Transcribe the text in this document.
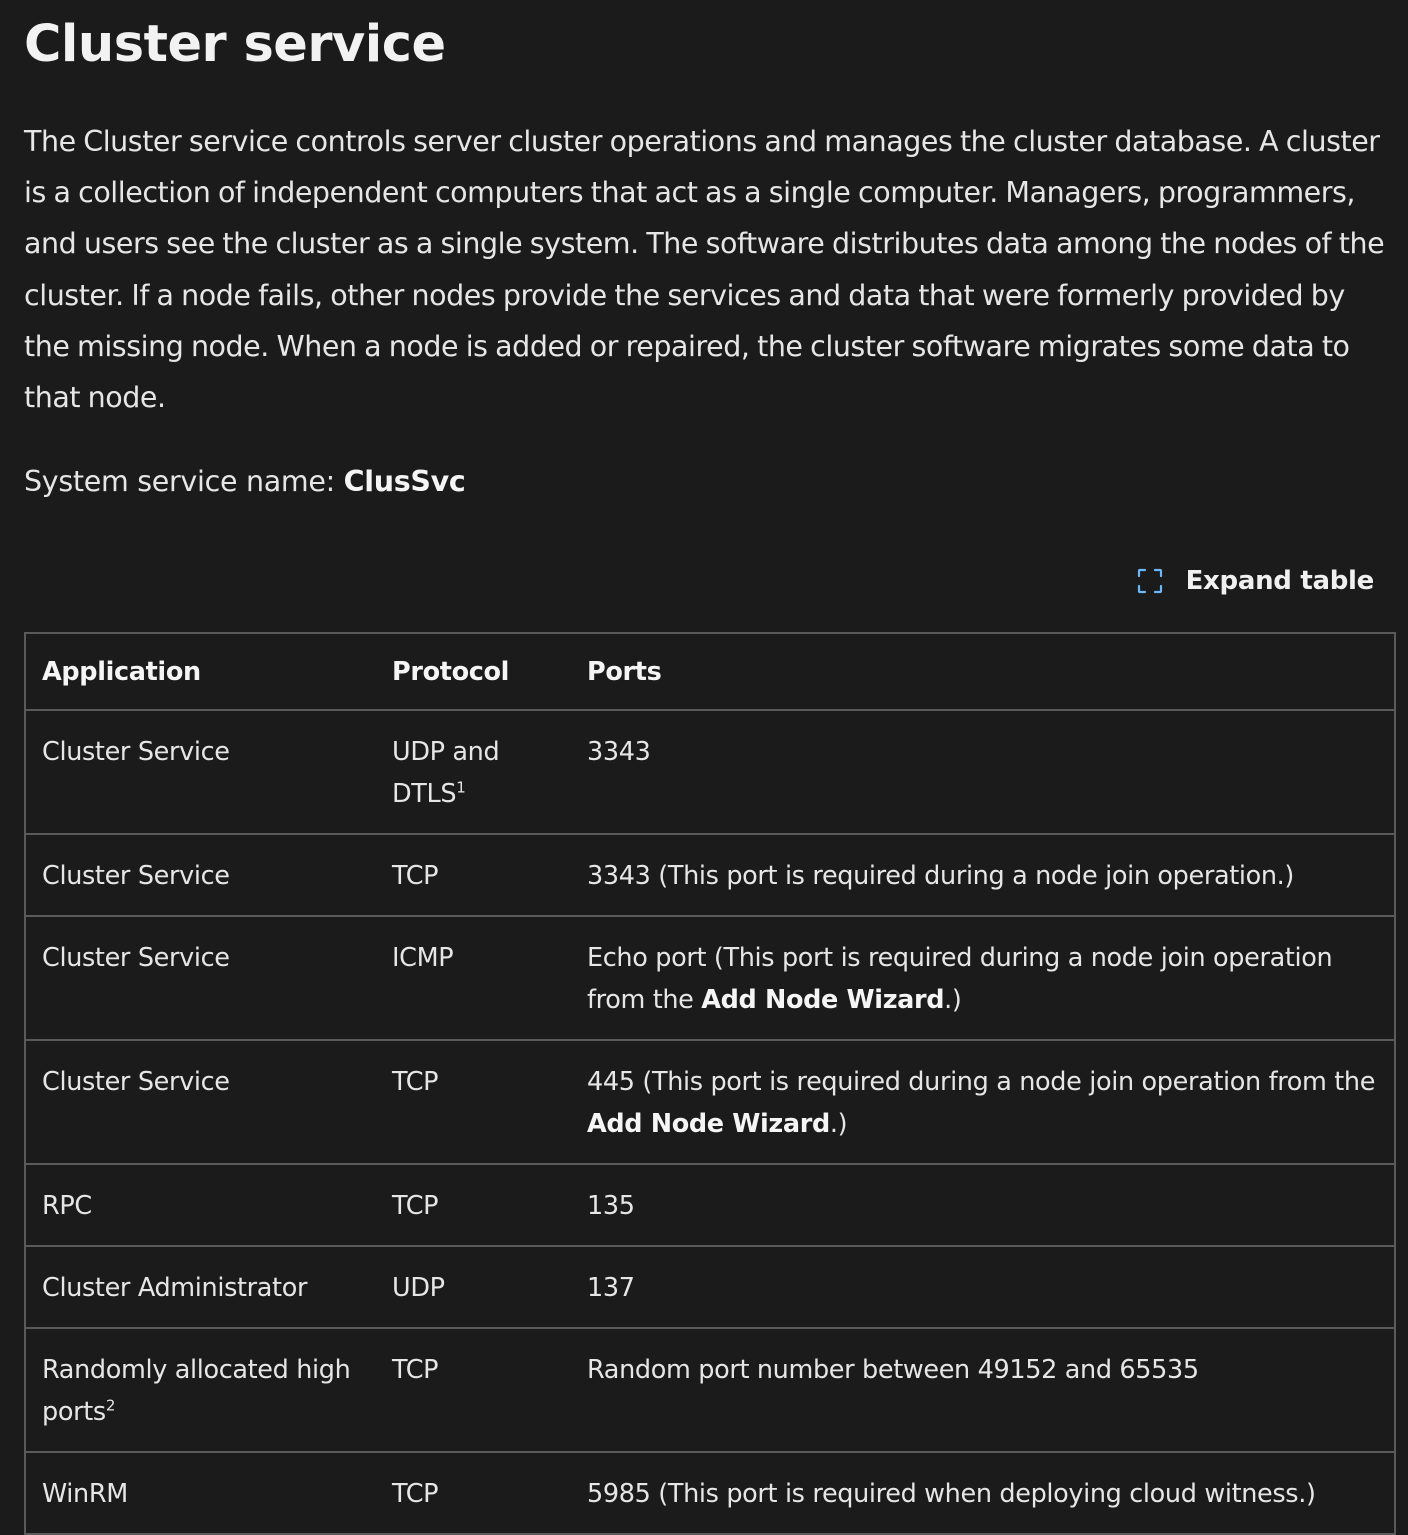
Cluster service

The Cluster service controls server cluster operations and manages the cluster database. A cluster is a collection of independent computers that act as a single computer. Managers, programmers, and users see the cluster as a single system. The software distributes data among the nodes of the cluster. If a node fails, other nodes provide the services and data that were formerly provided by the missing node. When a node is added or repaired, the cluster software migrates some data to that node.

System service name: ClusSvc

Expand table
Application	Protocol	Ports
Cluster Service	UDP and DTLS$^1$	3343
Cluster Service	TCP	3343 (This port is required during a node join operation.)
Cluster Service	ICMP	Echo port (This port is required during a node join operation from the Add Node Wizard.)
Cluster Service	TCP	445 (This port is required during a node join operation from the Add Node Wizard.)
RPC	TCP	135
Cluster Administrator	UDP	137
Randomly allocated high ports$^2$	TCP	Random port number between 49152 and 65535
WinRM	TCP	5985 (This port is required when deploying cloud witness.)
